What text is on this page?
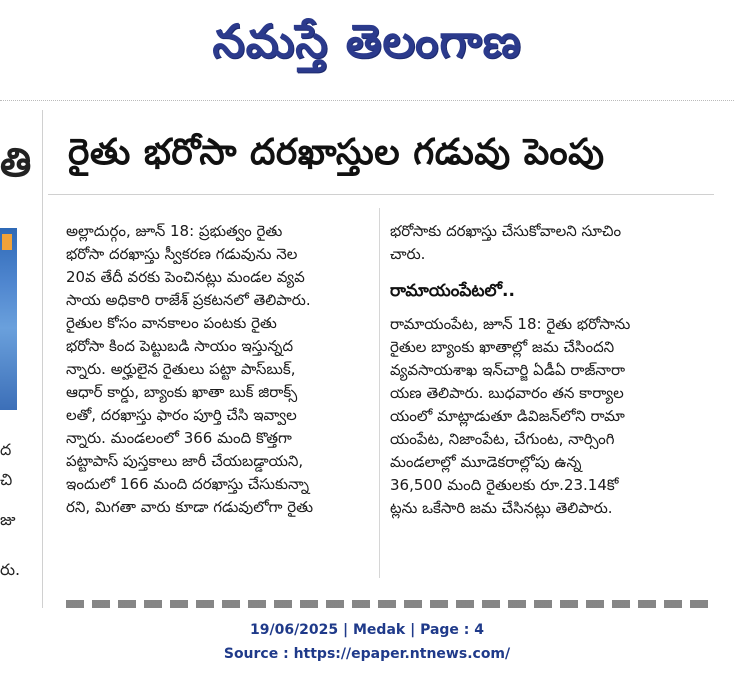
నమస్తే తెలంగాణ
తి
ద
చి
జు
రు.
రైతు భరోసా దరఖాస్తుల గడువు పెంపు

అల్లాదుర్గం, జూన్ 18: ప్రభుత్వం రైతు

భరోసా దరఖాస్తు స్వీకరణ గడువును నెల

20వ తేదీ వరకు పెంచినట్లు మండల వ్యవ

సాయ అధికారి రాజేశ్ ప్రకటనలో తెలిపారు.

రైతుల కోసం వానకాలం పంటకు రైతు

భరోసా కింద పెట్టుబడి సాయం ఇస్తున్నద

న్నారు. అర్హులైన రైతులు పట్టా పాస్‌బుక్,

ఆధార్ కార్డు, బ్యాంకు ఖాతా బుక్ జిరాక్స్

లతో, దరఖాస్తు ఫారం పూర్తి చేసి ఇవ్వాల

న్నారు. మండలంలో 366 మంది కొత్తగా

పట్టాపాస్ పుస్తకాలు జారీ చేయబడ్డాయని,

ఇందులో 166 మంది దరఖాస్తు చేసుకున్నా

రని, మిగతా వారు కూడా గడువులోగా రైతు

భరోసాకు దరఖాస్తు చేసుకోవాలని సూచిం

చారు.

రామాయంపేటలో..

రామాయంపేట, జూన్ 18: రైతు భరోసాను

రైతుల బ్యాంకు ఖాతాల్లో జమ చేసిందని

వ్యవసాయశాఖ ఇన్‌చార్జి ఏడీఏ రాజ్‌నారా

యణ తెలిపారు. బుధవారం తన కార్యాల

యంలో మాట్లాడుతూ డివిజన్‌లోని రామా

యంపేట, నిజాంపేట, చేగుంట, నార్సింగి

మండలాల్లో మూడెకరాల్లోపు ఉన్న

36,500 మంది రైతులకు రూ.23.14కో

ట్లను ఒకేసారి జమ చేసినట్లు తెలిపారు.

19/06/2025 | Medak | Page : 4
Source : https://epaper.ntnews.com/
